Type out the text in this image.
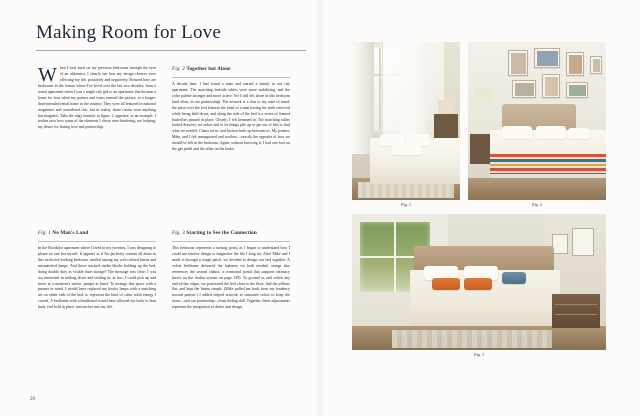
Making Room for Love

When I look back on my previous bedrooms through the eyes of an alchemist, I clearly see how my design choices were affecting my life, positively and negatively. Pictured here are bedrooms in the homes where I've lived over the last two decades, from a rental apartment when I was a single city girl to an apartment that became a home for four when my partner and twins entered the picture, to a longer-than-intended rental home in the country. They were all featured in national magazines and considered chic, but in reality, those rooms were anything but magnetic. Take the edgy boudoir in figure 1, opposite, as an example. I realize now how some of the elements I chose were hindering, not helping, my desire for lasting love and partnership.

Fig. 2 Together but Alone

A decade later, I had found a mate and started a family in our city apartment. The matching bedside tables were more stabilizing, and the color palette stronger and more active. Yet I still felt alone in this bedroom (and often, in our partnership). The artwork is a clue to my state of mind: the piece over the bed features the head of a man having his teeth removed while being held down, and along the side of the bed is a series of framed butterflies pinned in place. Clearly, I felt hemmed in. The matching tables lacked drawers; we either had to let things pile up or get out of bed to find what we needed. Chaos set in, and friction built up between us. My partner, Mike, and I felt unsupported and rootless—exactly the opposite of how we should've felt in the bedroom. Again, without knowing it, I had one foot on the gas pedal and the other on the brake.

Fig. 1 No Man's Land

In the Brooklyn apartment where I lived in my twenties, I was designing to please no one but myself. It appears as if I'm perfectly content all alone in this exclusive-looking bedroom, nestled among my soft-colored linens and mismatched lamps. And those stacked cinder blocks holding up the bed, doing double duty as visible shoe storage? The message was clear: I was not interested in settling down and settling in; in fact, I could pick up and leave at a moment's notice, pumps in hand. To arrange this space with a partner in mind, I would have replaced my kooky lamps with a matching set on either side of the bed, to represent the kind of calm, solid energy I craved. A bedframe with a headboard would have allowed my body to lean back, feel held in place, and anchor into my life.

Fig. 3 Starting to See the Connection

This bedroom represents a turning point, as I began to understand how I could use interior design to magnetize the life I long for. After Mike and I made it through a rough patch, we decided to design our bed together. A velvet bedframe delivered the lushness we both needed; orange also references the second chakra, a creational portal that supports intimacy (more on the chakra system on page 149). To ground us and soften any end-of-day edges, we positioned the bed close to the floor, laid the pillows flat, and kept the linens simple. (Mike pulled me back from my tendency toward pattern.) I added striped artwork in saturated colors to keep the room—and our partnership—from feeling dull. Together, these adjustments represent the integration of desire and design.

26
Fig. 1	Fig. 2
Fig. 3
